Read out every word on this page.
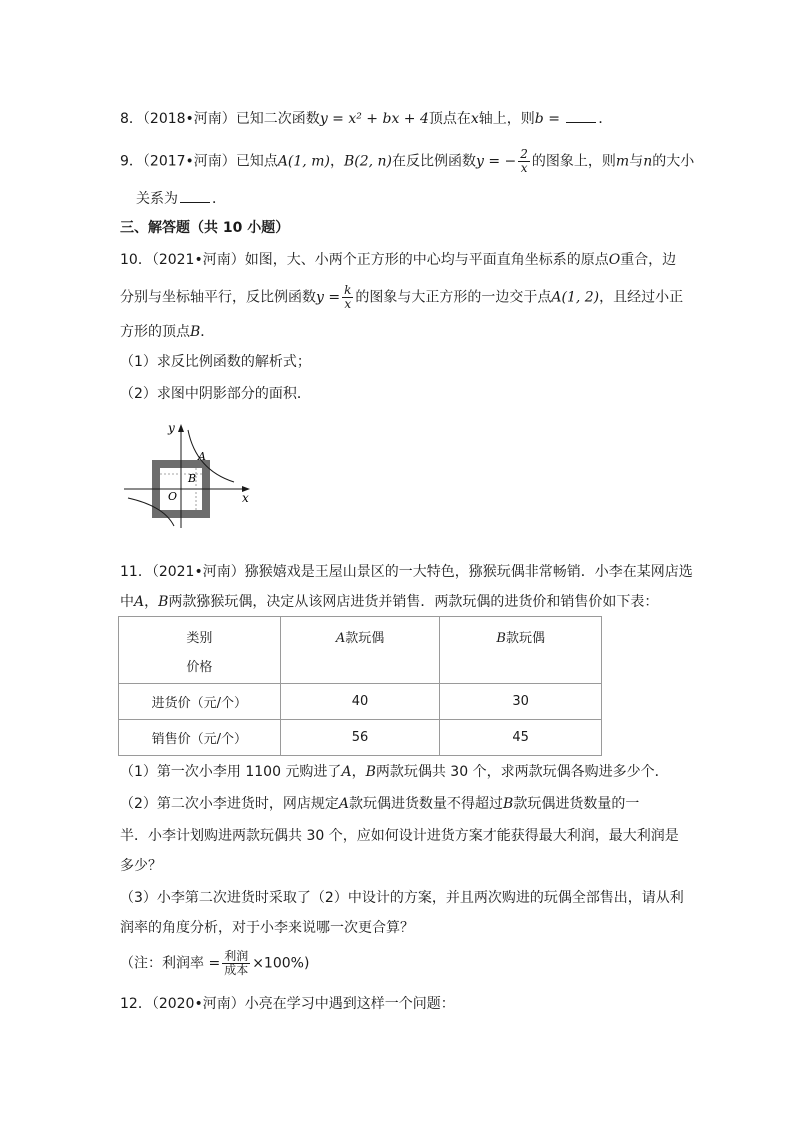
8．（2018•河南）已知二次函数y = x² + bx + 4顶点在x轴上，则b = ．
9．（2017•河南）已知点A(1, m)，B(2, n)在反比例函数y = − $\frac{2}{x}$ 的图象上，则m与n的大小
关系为 ．
三、解答题（共 10 小题）
10．（2021•河南）如图，大、小两个正方形的中心均与平面直角坐标系的原点O重合，边
分别与坐标轴平行，反比例函数$y = \frac{k}{x}$ 的图象与大正方形的一边交于点A(1, 2)，且经过小正
方形的顶点B．
（1）求反比例函数的解析式；
（2）求图中阴影部分的面积．
y
x
A
B
O
11．（2021•河南）猕猴嬉戏是王屋山景区的一大特色，猕猴玩偶非常畅销．小李在某网店选
中A，B两款猕猴玩偶，决定从该网店进货并销售．两款玩偶的进货价和销售价如下表：
类别
价格	A款玩偶	B款玩偶

进货价（元/个）	40	30
销售价（元/个）	56	45
（1）第一次小李用 1100 元购进了A，B两款玩偶共 30 个，求两款玩偶各购进多少个．
（2）第二次小李进货时，网店规定A款玩偶进货数量不得超过B款玩偶进货数量的一
半．小李计划购进两款玩偶共 30 个，应如何设计进货方案才能获得最大利润，最大利润是
多少？
（3）小李第二次进货时采取了（2）中设计的方案，并且两次购进的玩偶全部售出，请从利
润率的角度分析，对于小李来说哪一次更合算？
（注：利润率 = $\frac{\text{利润}}{\text{成本}} \times 100\%$)
12．（2020•河南）小亮在学习中遇到这样一个问题：
